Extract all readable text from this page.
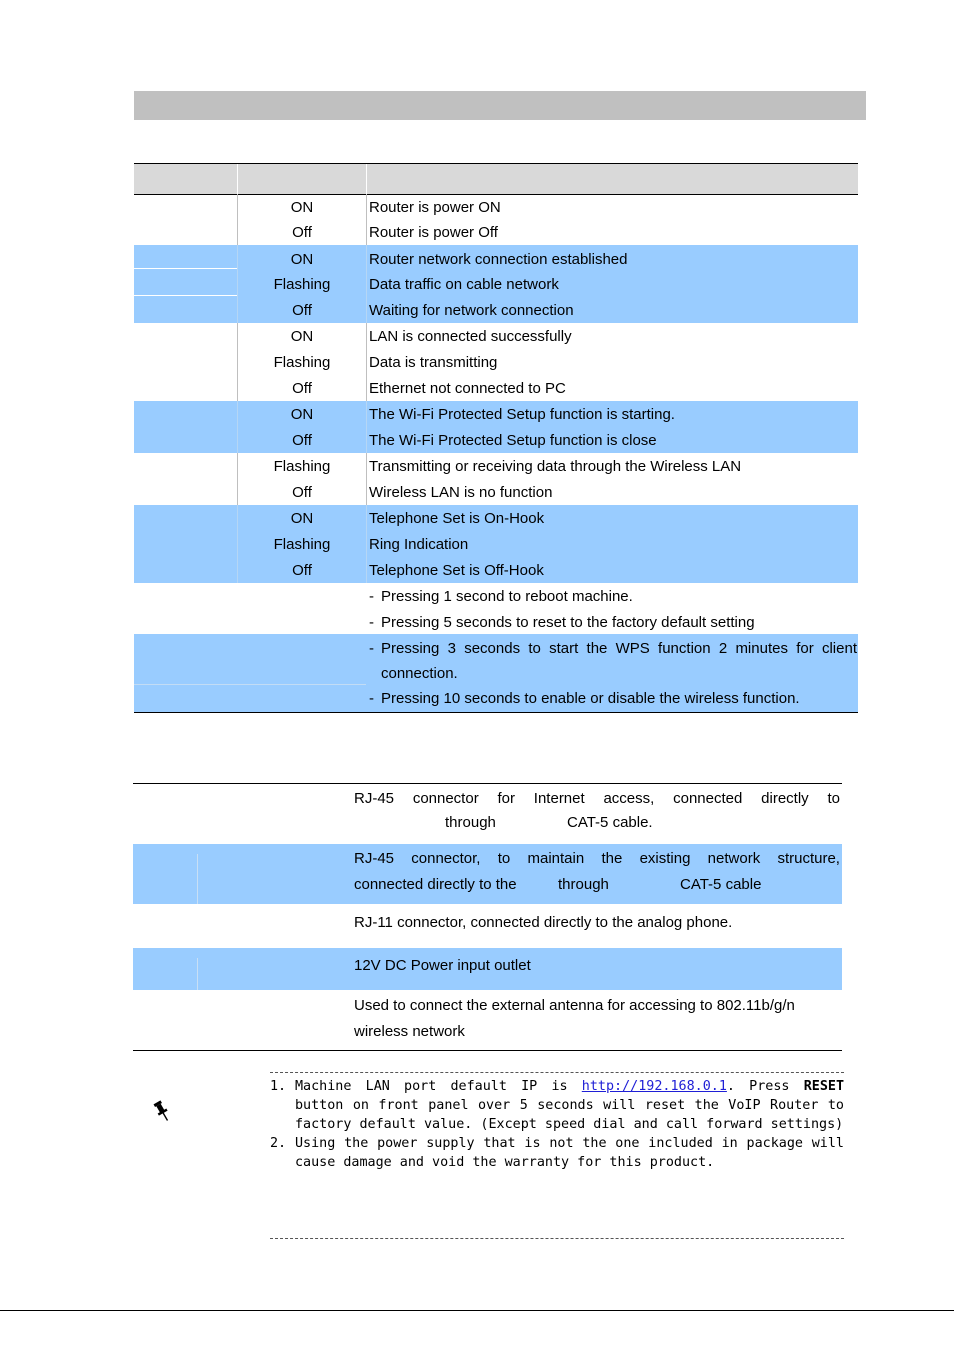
ON	Router is power ON
Off	Router is power Off
ON	Router network connection established
Flashing	Data traffic on cable network
Off	Waiting for network connection
ON	LAN is connected successfully
Flashing	Data is transmitting
Off	Ethernet not connected to PC
ON	The Wi-Fi Protected Setup function is starting.
Off	The Wi-Fi Protected Setup function is close
Flashing	Transmitting or receiving data through the Wireless LAN
Off	Wireless LAN is no function
ON	Telephone Set is On-Hook
Flashing	Ring Indication
Off	Telephone Set is Off-Hook
- Pressing 1 second to reboot machine.
- Pressing 5 seconds to reset to the factory default setting
- Pressing 3 seconds to start the WPS function 2 minutes for client
connection.
- Pressing 10 seconds to enable or disable the wireless function.
RJ-45 connector for Internet access, connected directly to
through	CAT-5 cable.
RJ-45 connector, to maintain the existing network structure,
connected directly to the	through	CAT-5 cable
RJ-11 connector, connected directly to the analog phone.
12V DC Power input outlet
Used to connect the external antenna for accessing to 802.11b/g/n
wireless network
1. Machine LAN port default IP is http://192.168.0.1. Press RESET button on front panel over 5 seconds will reset the VoIP Router to factory default value. (Except speed dial and call forward settings)
2. Using the power supply that is not the one included in package will cause damage and void the warranty for this product.
